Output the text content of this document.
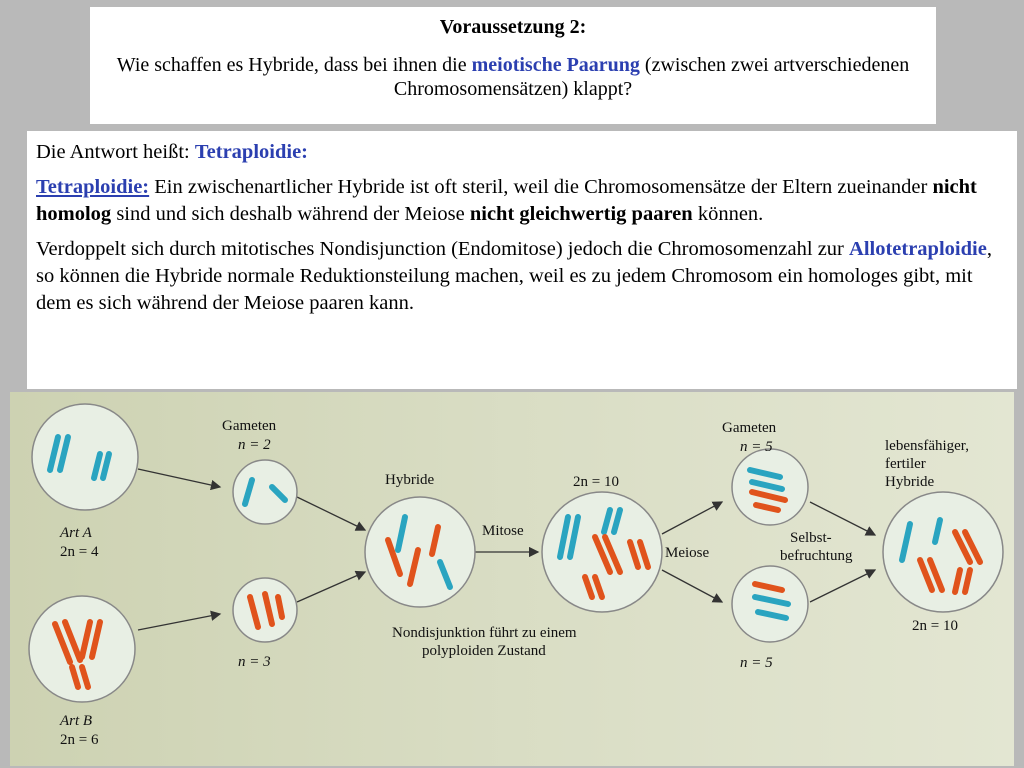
Voraussetzung 2:
Wie schaffen es Hybride, dass bei ihnen die meiotische Paarung (zwischen zwei artverschiedenen Chromosomensätzen) klappt?

Die Antwort heißt: Tetraploidie:

Tetraploidie: Ein zwischenartlicher Hybride ist oft steril, weil die Chromosomensätze der Eltern zueinander nicht homolog sind und sich deshalb während der Meiose nicht gleichwertig paaren können.

Verdoppelt sich durch mitotisches Nondisjunction (Endomitose) jedoch die Chromosomenzahl zur Allotetraploidie, so können die Hybride normale Reduktionsteilung machen, weil es zu jedem Chromosom ein homologes gibt, mit dem es sich während der Meiose paaren kann.

Art A
2n = 4
Art B
2n = 6
Gameten
n = 2
n = 3
Hybride
Mitose
Nondisjunktion führt zu einem
polyploiden Zustand
2n = 10
Meiose
Gameten
n = 5
n = 5
Selbst-
befruchtung
lebensfähiger,
fertiler
Hybride
2n = 10
